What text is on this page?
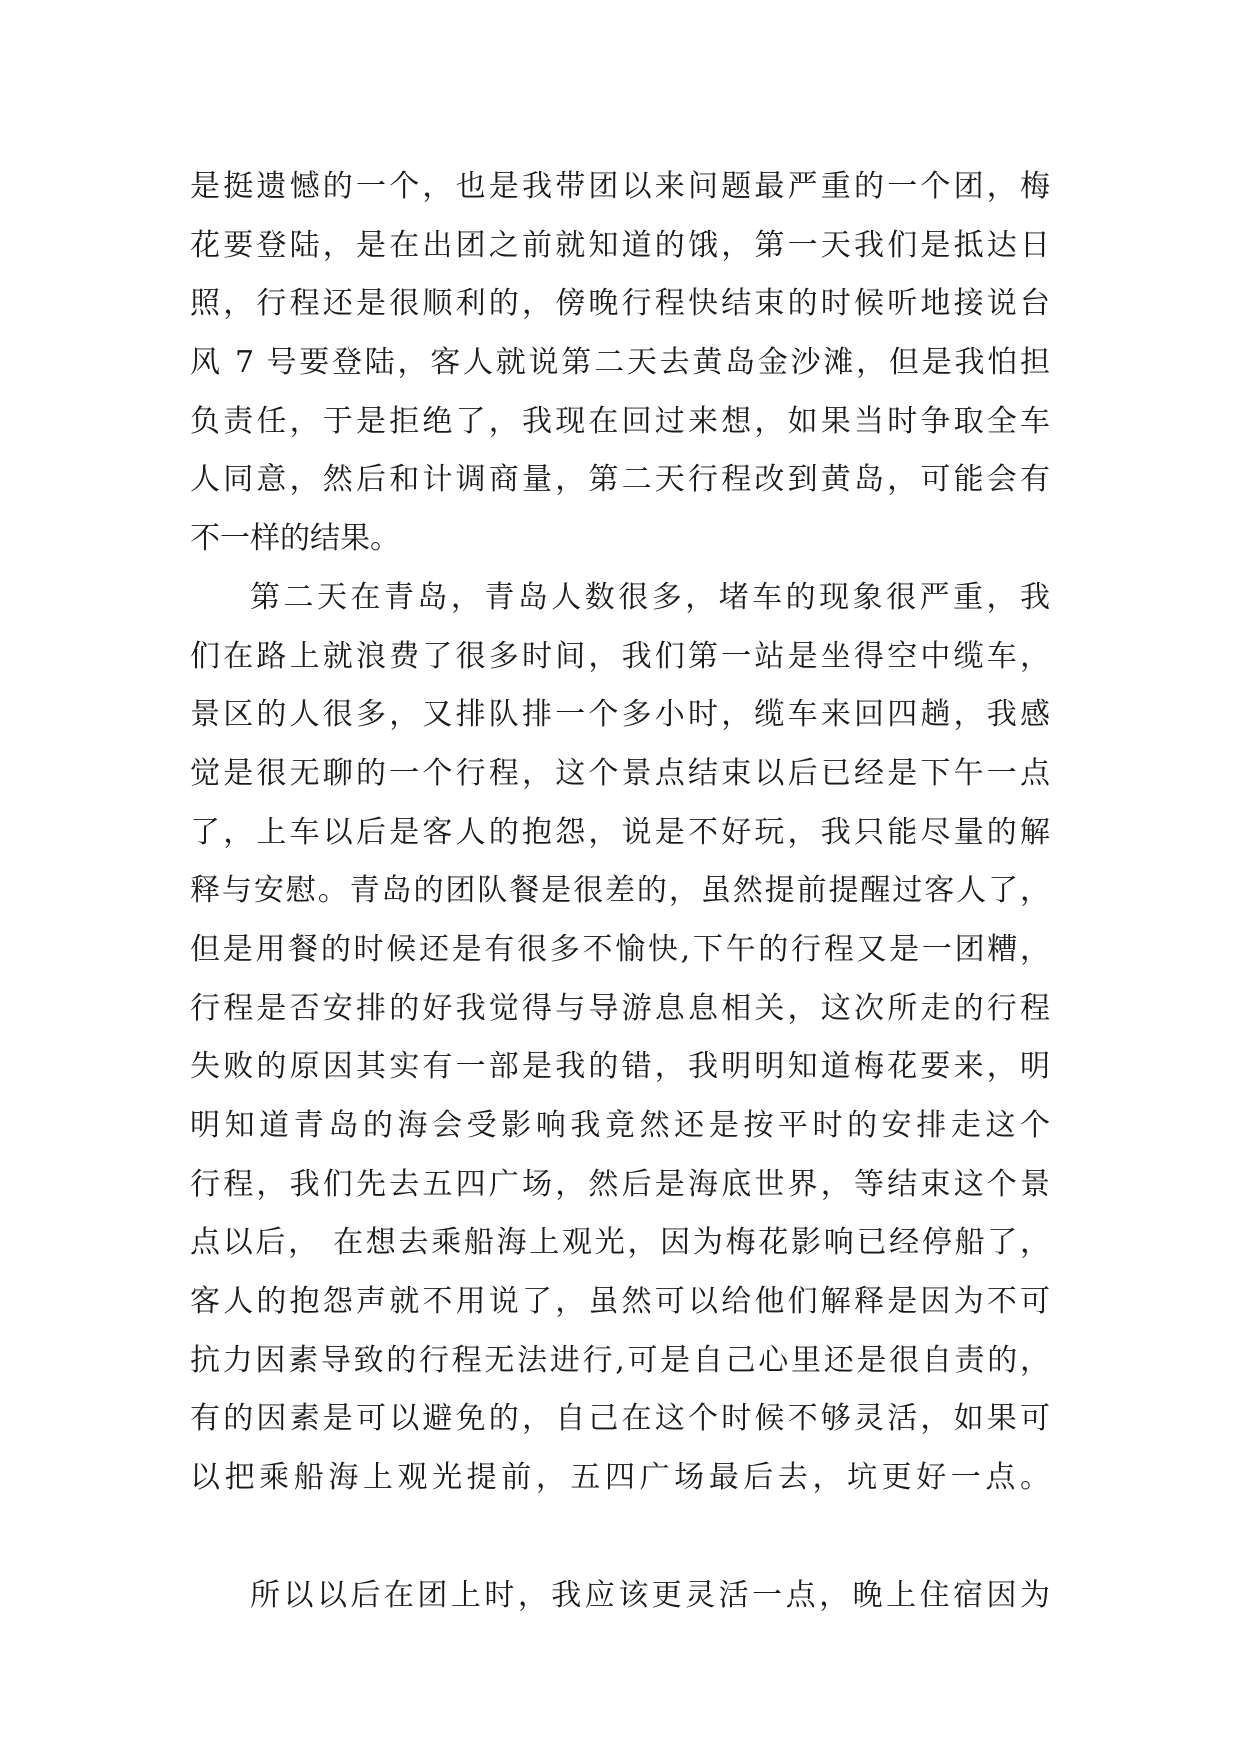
是挺遗憾的一个，也是我带团以来问题最严重的一个团，梅
花要登陆，是在出团之前就知道的饿，第一天我们是抵达日
照，行程还是很顺利的，傍晚行程快结束的时候听地接说台
风 7 号要登陆，客人就说第二天去黄岛金沙滩，但是我怕担
负责任，于是拒绝了，我现在回过来想，如果当时争取全车
人同意，然后和计调商量，第二天行程改到黄岛，可能会有
不一样的结果。
第二天在青岛，青岛人数很多，堵车的现象很严重，我
们在路上就浪费了很多时间，我们第一站是坐得空中缆车，
景区的人很多，又排队排一个多小时，缆车来回四趟，我感
觉是很无聊的一个行程，这个景点结束以后已经是下午一点
了，上车以后是客人的抱怨，说是不好玩，我只能尽量的解
释与安慰。青岛的团队餐是很差的，虽然提前提醒过客人了，
但是用餐的时候还是有很多不愉快,下午的行程又是一团糟，
行程是否安排的好我觉得与导游息息相关，这次所走的行程
失败的原因其实有一部是我的错，我明明知道梅花要来，明
明知道青岛的海会受影响我竟然还是按平时的安排走这个
行程，我们先去五四广场，然后是海底世界，等结束这个景
点以后， 在想去乘船海上观光，因为梅花影响已经停船了，
客人的抱怨声就不用说了，虽然可以给他们解释是因为不可
抗力因素导致的行程无法进行,可是自己心里还是很自责的，
有的因素是可以避免的，自己在这个时候不够灵活，如果可
以把乘船海上观光提前，五四广场最后去，坑更好一点。
所以以后在团上时，我应该更灵活一点，晚上住宿因为
